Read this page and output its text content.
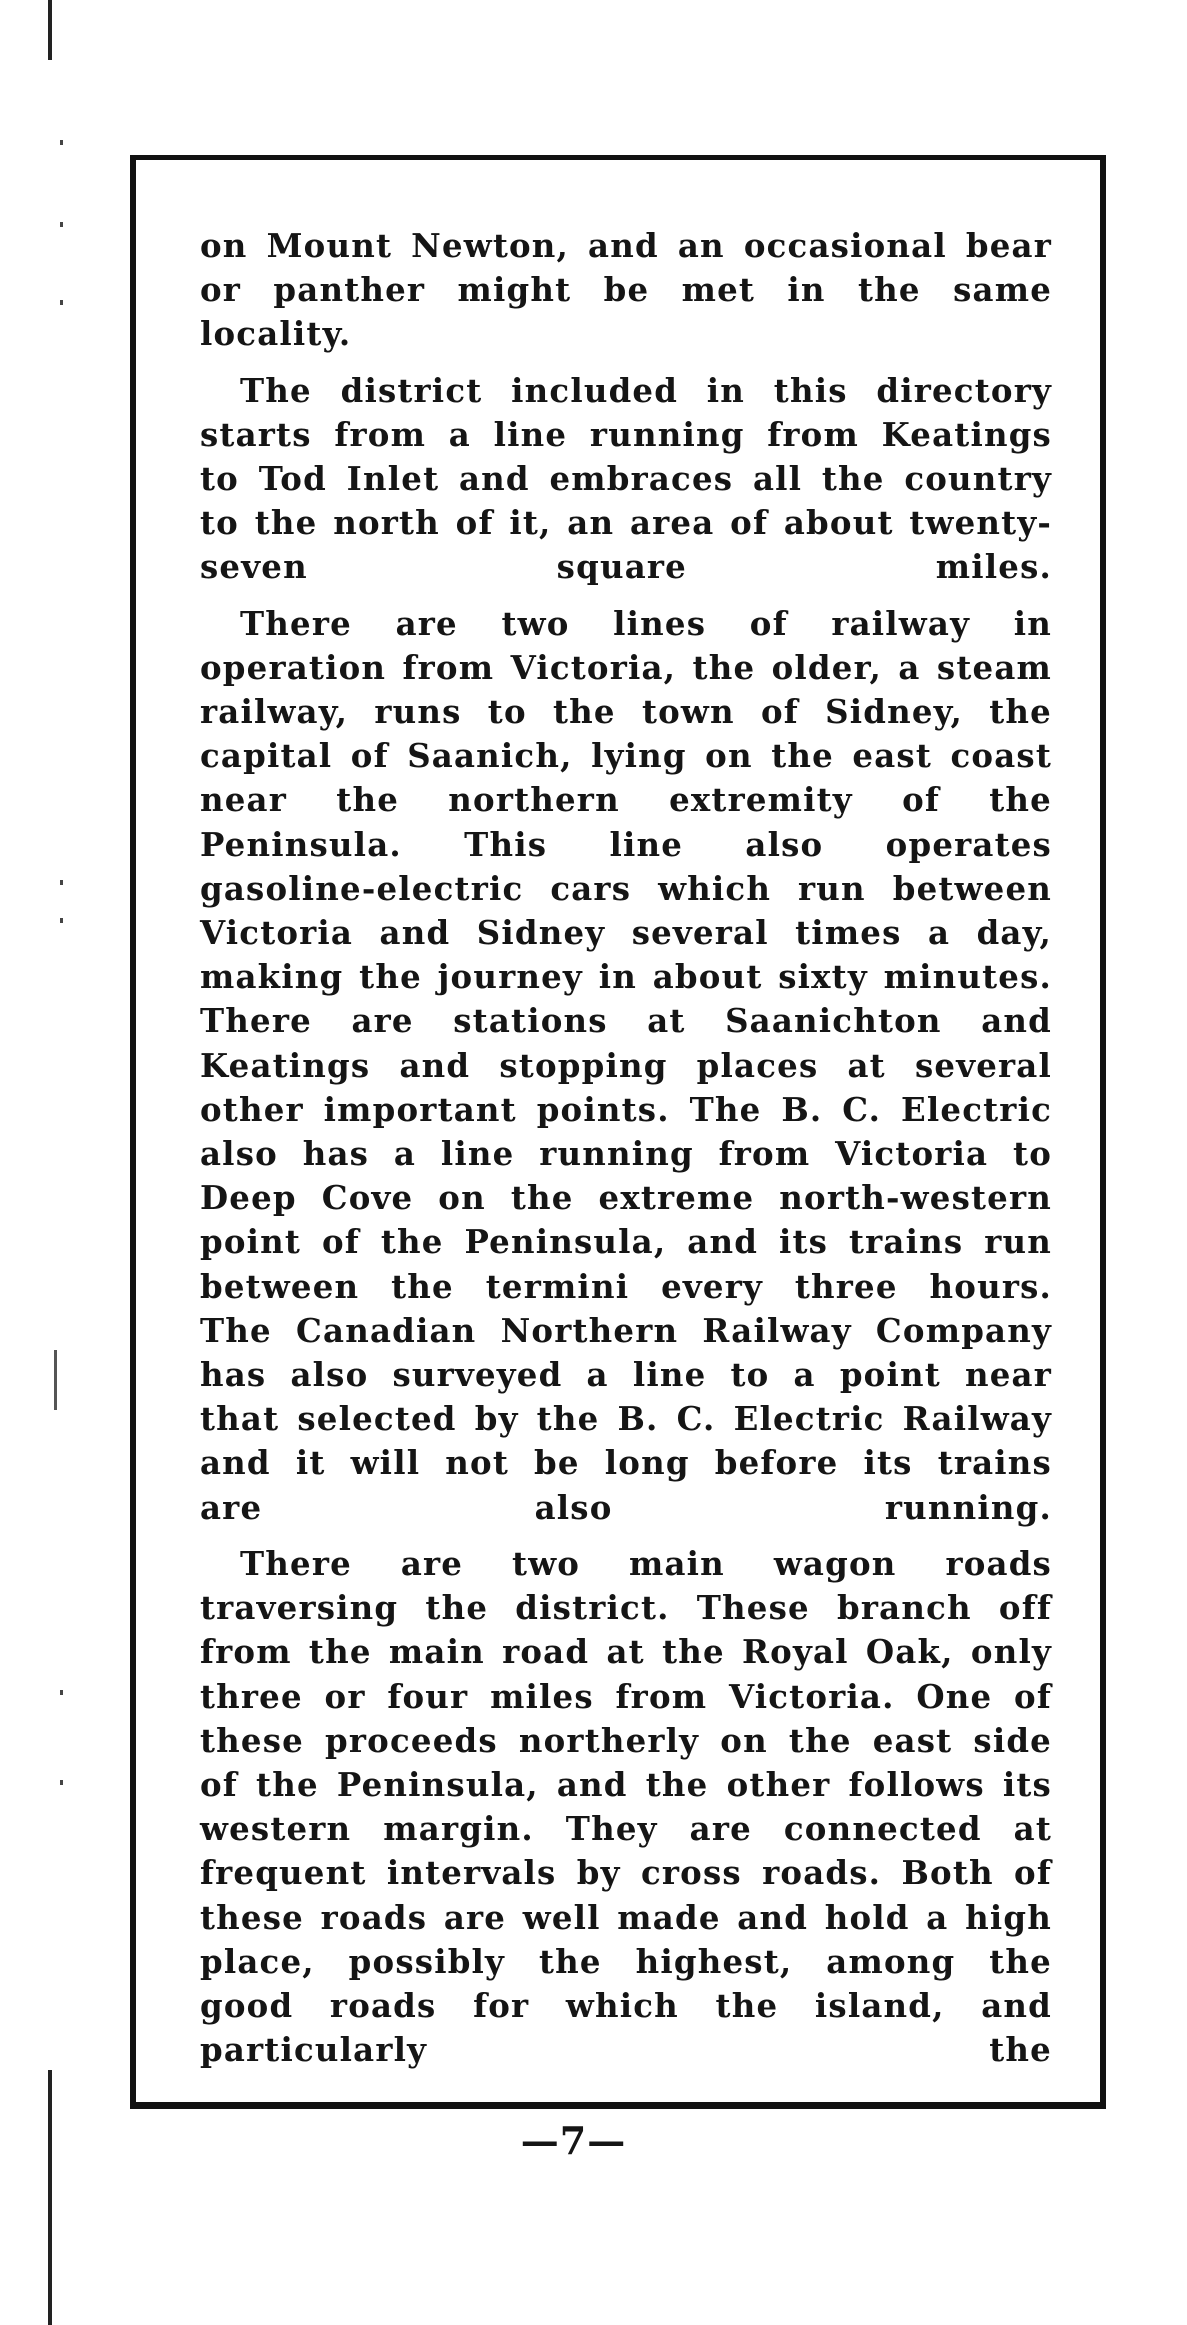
on Mount Newton, and an occasional bear or panther might be met in the same locality.

The district included in this directory starts from a line running from Keatings to Tod Inlet and embraces all the country to the north of it, an area of about twenty-seven square miles.

There are two lines of railway in operation from Victoria, the older, a steam railway, runs to the town of Sidney, the capital of Saanich, lying on the east coast near the northern extremity of the Peninsula. This line also operates gasoline-electric cars which run between Victoria and Sidney several times a day, making the journey in about sixty minutes. There are stations at Saanichton and Keatings and stopping places at several other important points. The B. C. Electric also has a line running from Victoria to Deep Cove on the extreme north-western point of the Peninsula, and its trains run between the termini every three hours. The Canadian Northern Railway Company has also surveyed a line to a point near that selected by the B. C. Electric Railway and it will not be long before its trains are also running.

There are two main wagon roads traversing the district. These branch off from the main road at the Royal Oak, only three or four miles from Victoria. One of these proceeds northerly on the east side of the Peninsula, and the other follows its western margin. They are connected at frequent intervals by cross roads. Both of these roads are well made and hold a high place, possibly the highest, among the good roads for which the island, and particularly the

—7—
